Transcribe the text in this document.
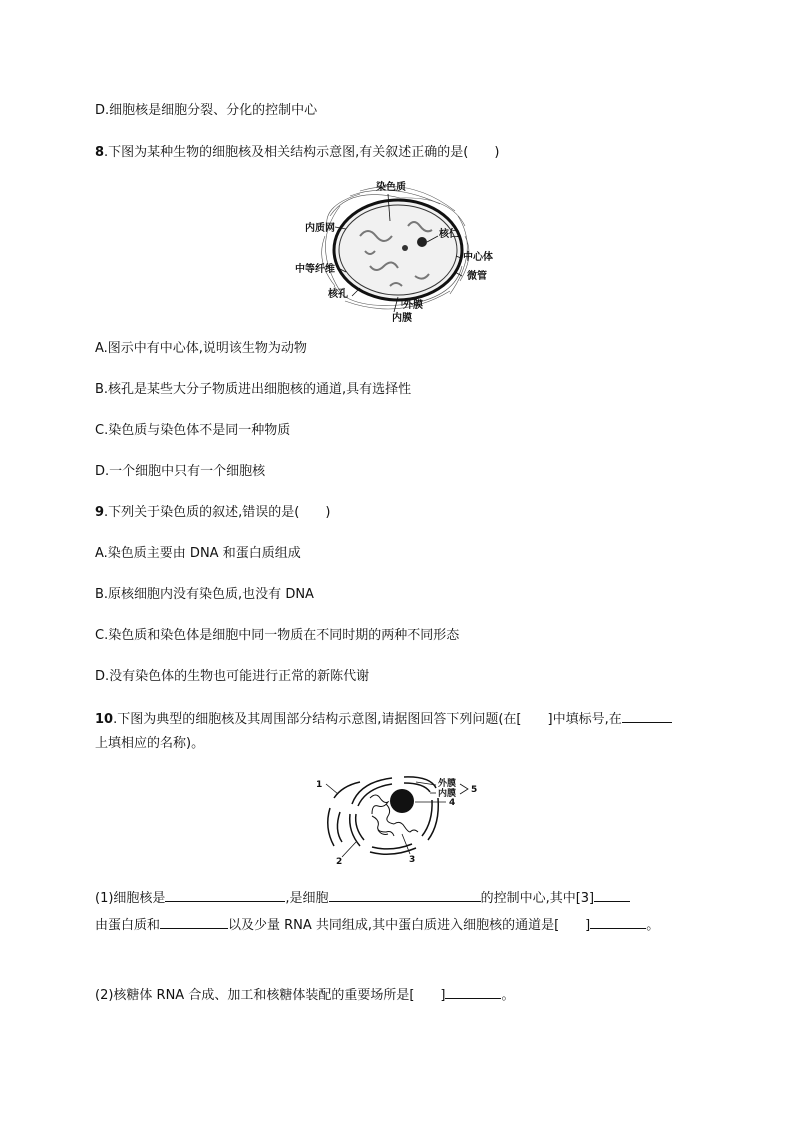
D.细胞核是细胞分裂、分化的控制中心
8.下图为某种生物的细胞核及相关结构示意图,有关叙述正确的是(　　)
染色质
内质网
核仁
中心体
中等纤维
微管
核孔
外膜
内膜
A.图示中有中心体,说明该生物为动物
B.核孔是某些大分子物质进出细胞核的通道,具有选择性
C.染色质与染色体不是同一种物质
D.一个细胞中只有一个细胞核
9.下列关于染色质的叙述,错误的是(　　)
A.染色质主要由 DNA 和蛋白质组成
B.原核细胞内没有染色质,也没有 DNA
C.染色质和染色体是细胞中同一物质在不同时期的两种不同形态
D.没有染色体的生物也可能进行正常的新陈代谢
10.下图为典型的细胞核及其周围部分结构示意图,请据图回答下列问题(在[　　]中填标号,在
上填相应的名称)。
1	外膜
内膜 5
4
2	3
(1)细胞核是	,是细胞	的控制中心,其中[3]
由蛋白质和	以及少量 RNA 共同组成,其中蛋白质进入细胞核的通道是[　　]	。
(2)核糖体 RNA 合成、加工和核糖体装配的重要场所是[　　]	。
